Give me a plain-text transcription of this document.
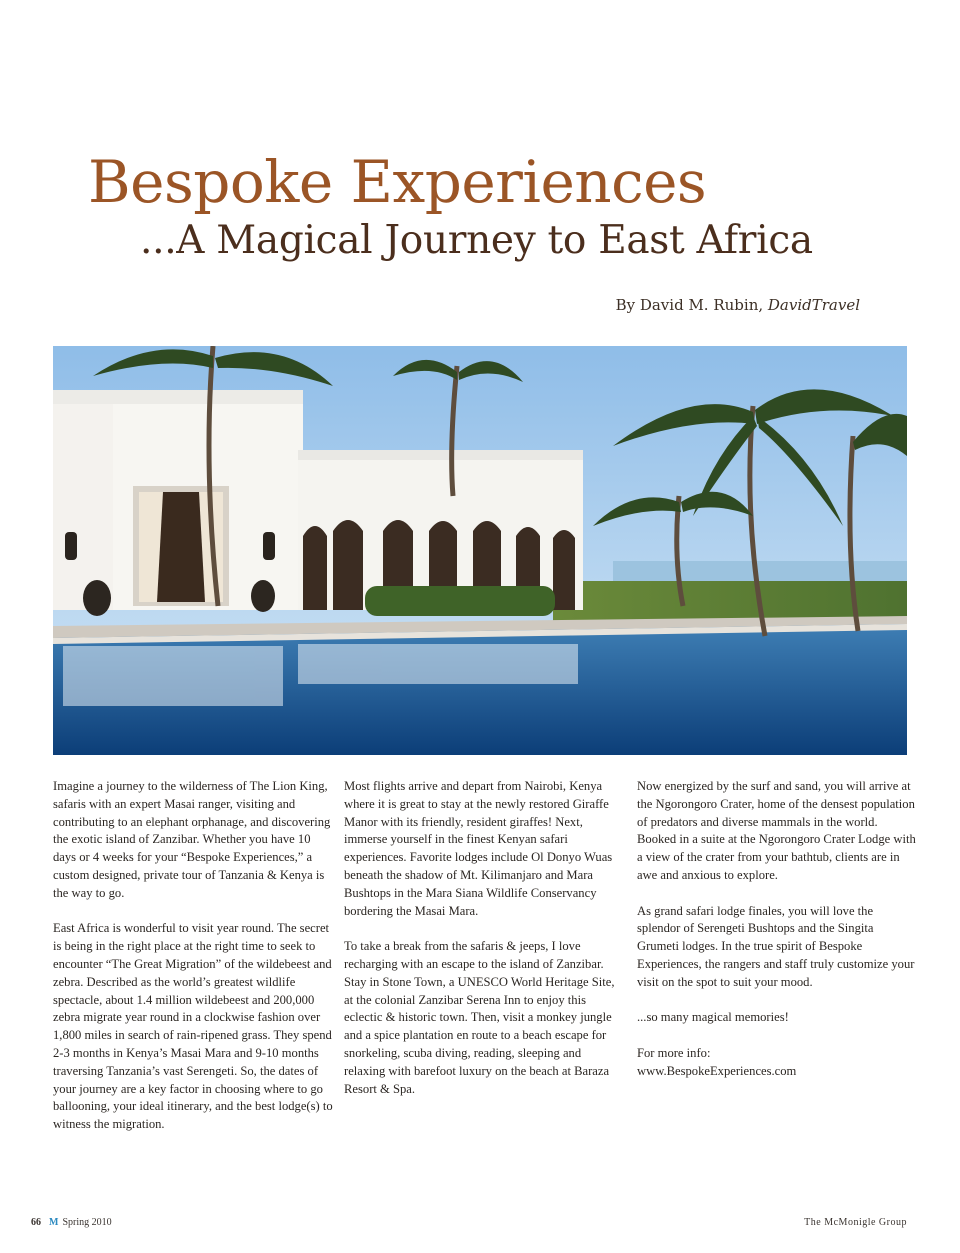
Bespoke Experiences
...A Magical Journey to East Africa
By David M. Rubin, DavidTravel

Imagine a journey to the wilderness of The Lion King, safaris with an expert Masai ranger, visiting and contributing to an elephant orphanage, and discovering the exotic island of Zanzibar. Whether you have 10 days or 4 weeks for your “Bespoke Experiences,” a custom designed, private tour of Tanzania & Kenya is the way to go.

East Africa is wonderful to visit year round. The secret is being in the right place at the right time to seek to encounter “The Great Migration” of the wildebeest and zebra. Described as the world’s greatest wildlife spectacle, about 1.4 million wildebeest and 200,000 zebra migrate year round in a clockwise fashion over 1,800 miles in search of rain-ripened grass. They spend 2-3 months in Kenya’s Masai Mara and 9-10 months traversing Tanzania’s vast Serengeti. So, the dates of your journey are a key factor in choosing where to go ballooning, your ideal itinerary, and the best lodge(s) to witness the migration.

Most flights arrive and depart from Nairobi, Kenya where it is great to stay at the newly restored Giraffe Manor with its friendly, resident giraffes! Next, immerse yourself in the finest Kenyan safari experiences. Favorite lodges include Ol Donyo Wuas beneath the shadow of Mt. Kilimanjaro and Mara Bushtops in the Mara Siana Wildlife Conservancy bordering the Masai Mara.

To take a break from the safaris & jeeps, I love recharging with an escape to the island of Zanzibar. Stay in Stone Town, a UNESCO World Heritage Site, at the colonial Zanzibar Serena Inn to enjoy this eclectic & historic town. Then, visit a monkey jungle and a spice plantation en route to a beach escape for snorkeling, scuba diving, reading, sleeping and relaxing with barefoot luxury on the beach at Baraza Resort & Spa.

Now energized by the surf and sand, you will arrive at the Ngorongoro Crater, home of the densest population of predators and diverse mammals in the world. Booked in a suite at the Ngorongoro Crater Lodge with a view of the crater from your bathtub, clients are in awe and anxious to explore.

As grand safari lodge finales, you will love the splendor of Serengeti Bushtops and the Singita Grumeti lodges. In the true spirit of Bespoke Experiences, the rangers and staff truly customize your visit on the spot to suit your mood.

...so many magical memories!

For more info:
www.BespokeExperiences.com

66 M Spring 2010	The McMonigle Group
